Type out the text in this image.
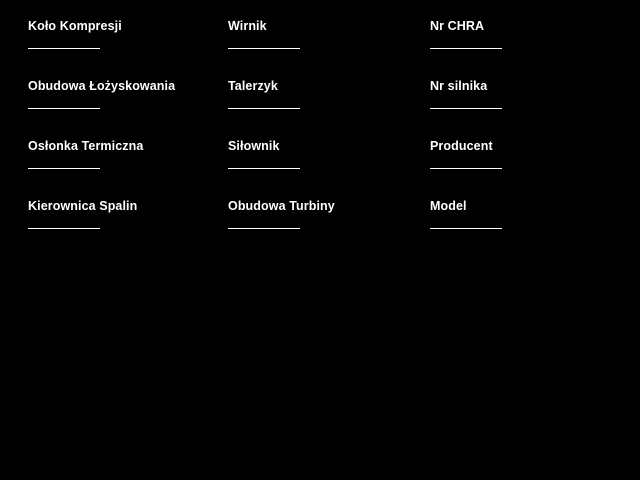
Koło Kompresji
Obudowa Łożyskowania
Osłonka Termiczna
Kierownica Spalin
Wirnik
Talerzyk
Siłownik
Obudowa Turbiny
Nr CHRA
Nr silnika
Producent
Model
